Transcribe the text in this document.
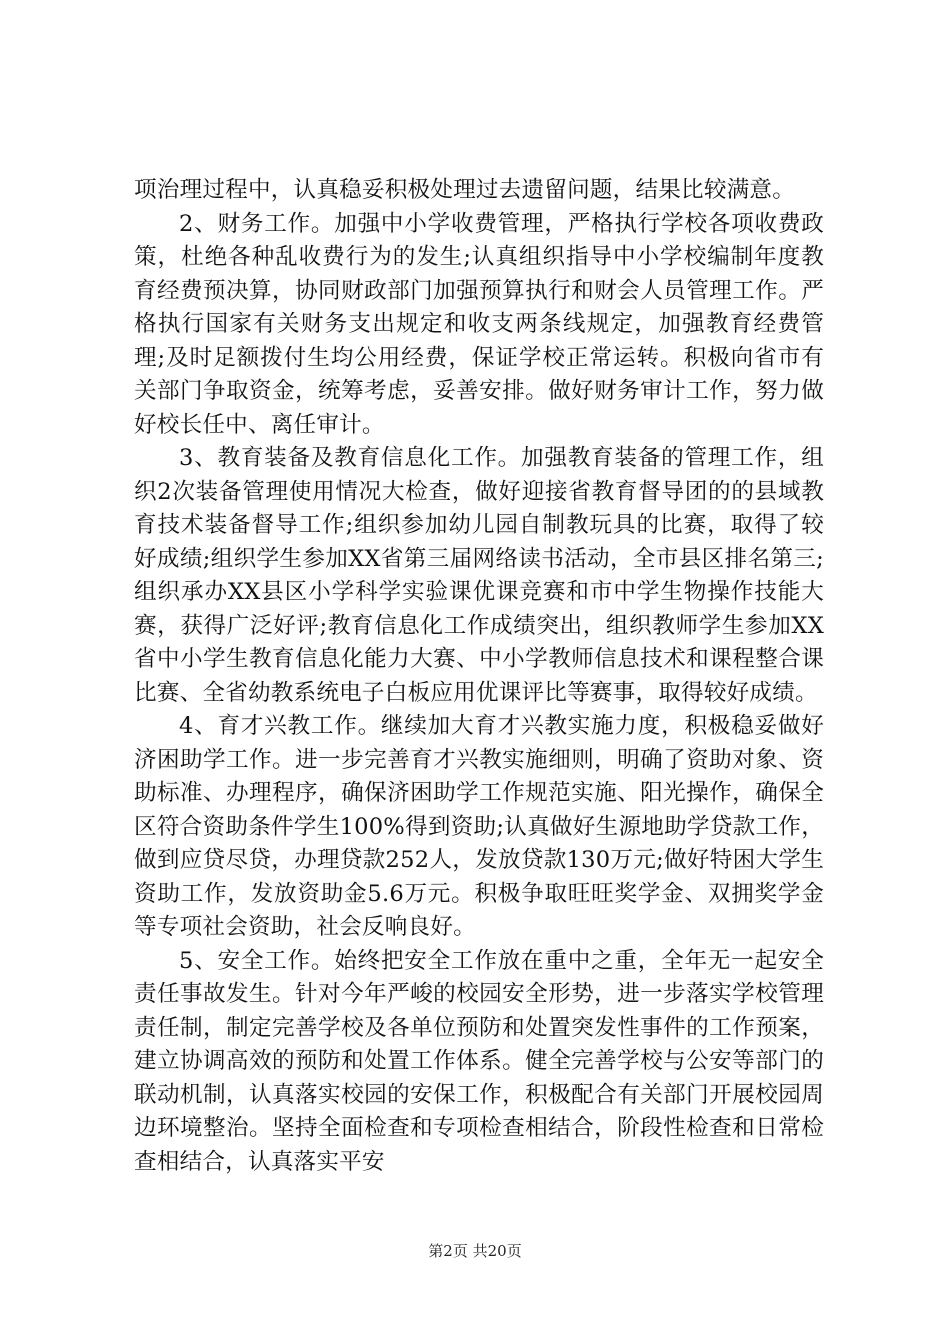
项治理过程中，认真稳妥积极处理过去遗留问题，结果比较满意。

2、财务工作。加强中小学收费管理，严格执行学校各项收费政策，杜绝各种乱收费行为的发生;认真组织指导中小学校编制年度教育经费预决算，协同财政部门加强预算执行和财会人员管理工作。严格执行国家有关财务支出规定和收支两条线规定，加强教育经费管理;及时足额拨付生均公用经费，保证学校正常运转。积极向省市有关部门争取资金，统筹考虑，妥善安排。做好财务审计工作，努力做好校长任中、离任审计。

3、教育装备及教育信息化工作。加强教育装备的管理工作，组织2次装备管理使用情况大检查，做好迎接省教育督导团的的县域教育技术装备督导工作;组织参加幼儿园自制教玩具的比赛，取得了较好成绩;组织学生参加XX省第三届网络读书活动，全市县区排名第三;组织承办XX县区小学科学实验课优课竞赛和市中学生物操作技能大赛，获得广泛好评;教育信息化工作成绩突出，组织教师学生参加XX省中小学生教育信息化能力大赛、中小学教师信息技术和课程整合课比赛、全省幼教系统电子白板应用优课评比等赛事，取得较好成绩。

4、育才兴教工作。继续加大育才兴教实施力度，积极稳妥做好济困助学工作。进一步完善育才兴教实施细则，明确了资助对象、资助标准、办理程序，确保济困助学工作规范实施、阳光操作，确保全区符合资助条件学生100%得到资助;认真做好生源地助学贷款工作，做到应贷尽贷，办理贷款252人，发放贷款130万元;做好特困大学生资助工作，发放资助金5.6万元。积极争取旺旺奖学金、双拥奖学金等专项社会资助，社会反响良好。

5、安全工作。始终把安全工作放在重中之重，全年无一起安全责任事故发生。针对今年严峻的校园安全形势，进一步落实学校管理责任制，制定完善学校及各单位预防和处置突发性事件的工作预案，建立协调高效的预防和处置工作体系。健全完善学校与公安等部门的联动机制，认真落实校园的安保工作，积极配合有关部门开展校园周边环境整治。坚持全面检查和专项检查相结合，阶段性检查和日常检查相结合，认真落实平安

第2页 共20页
